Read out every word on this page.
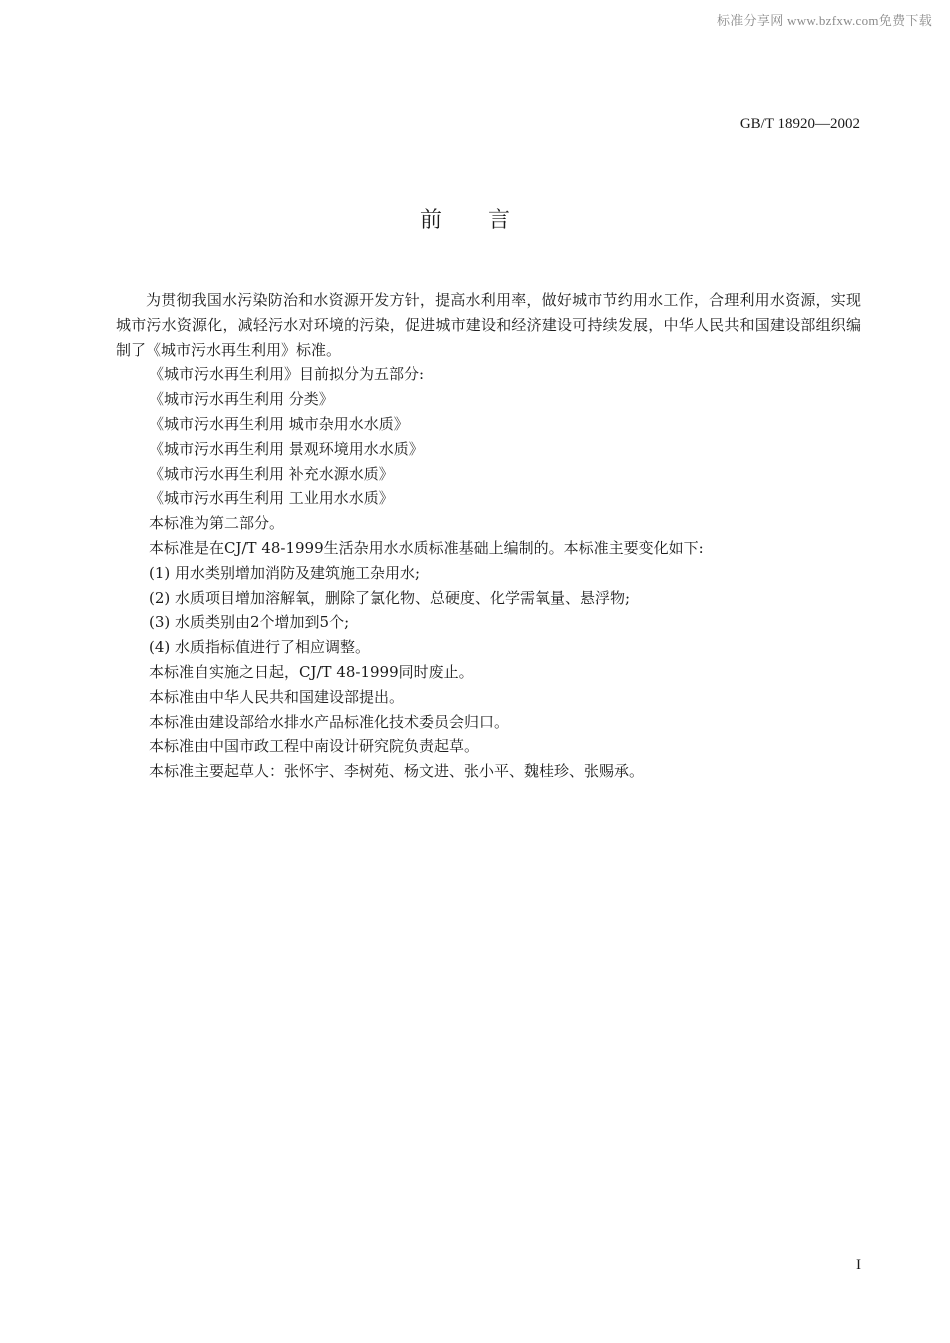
标准分享网 www.bzfxw.com免费下载
GB/T 18920—2002
前言

为贯彻我国水污染防治和水资源开发方针，提高水利用率，做好城市节约用水工作，合理利用水资源，实现城市污水资源化，减轻污水对环境的污染，促进城市建设和经济建设可持续发展，中华人民共和国建设部组织编制了《城市污水再生利用》标准。

《城市污水再生利用》目前拟分为五部分:

《城市污水再生利用 分类》

《城市污水再生利用 城市杂用水水质》

《城市污水再生利用 景观环境用水水质》

《城市污水再生利用 补充水源水质》

《城市污水再生利用 工业用水水质》

本标准为第二部分。

本标准是在CJ/T 48-1999生活杂用水水质标准基础上编制的。本标准主要变化如下:

(1) 用水类别增加消防及建筑施工杂用水;

(2) 水质项目增加溶解氧，删除了氯化物、总硬度、化学需氧量、悬浮物;

(3) 水质类别由2个增加到5个;

(4) 水质指标值进行了相应调整。

本标准自实施之日起，CJ/T 48-1999同时废止。

本标准由中华人民共和国建设部提出。

本标准由建设部给水排水产品标准化技术委员会归口。

本标准由中国市政工程中南设计研究院负责起草。

本标准主要起草人：张怀宇、李树苑、杨文进、张小平、魏桂珍、张赐承。

I
